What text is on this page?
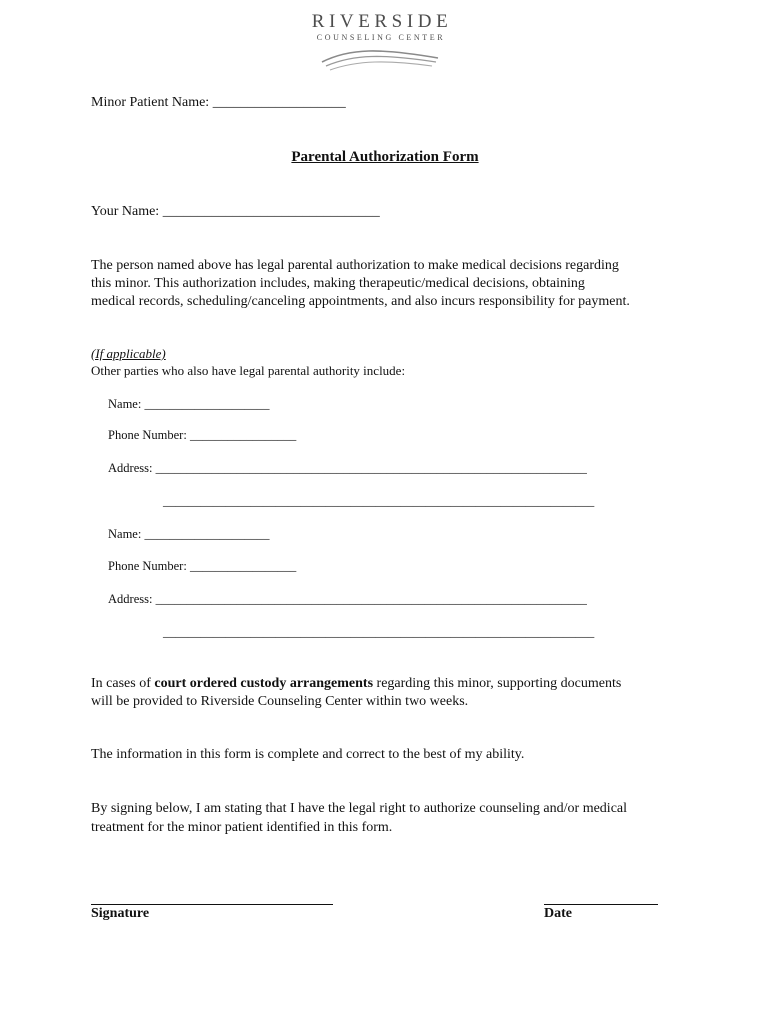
RIVERSIDE
COUNSELING CENTER
Minor Patient Name: ___________________
Parental Authorization Form
Your Name: _______________________________
The person named above has legal parental authorization to make medical decisions regarding
this minor. This authorization includes, making therapeutic/medical decisions, obtaining
medical records, scheduling/canceling appointments, and also incurs responsibility for payment.
(If applicable)
Other parties who also have legal parental authority include:
Name: ____________________
Phone Number: _________________
Address: _____________________________________________________________________
_____________________________________________________________________
Name: ____________________
Phone Number: _________________
Address: _____________________________________________________________________
_____________________________________________________________________
In cases of court ordered custody arrangements regarding this minor, supporting documents
will be provided to Riverside Counseling Center within two weeks.
The information in this form is complete and correct to the best of my ability.
By signing below, I am stating that I have the legal right to authorize counseling and/or medical
treatment for the minor patient identified in this form.
Signature	Date
